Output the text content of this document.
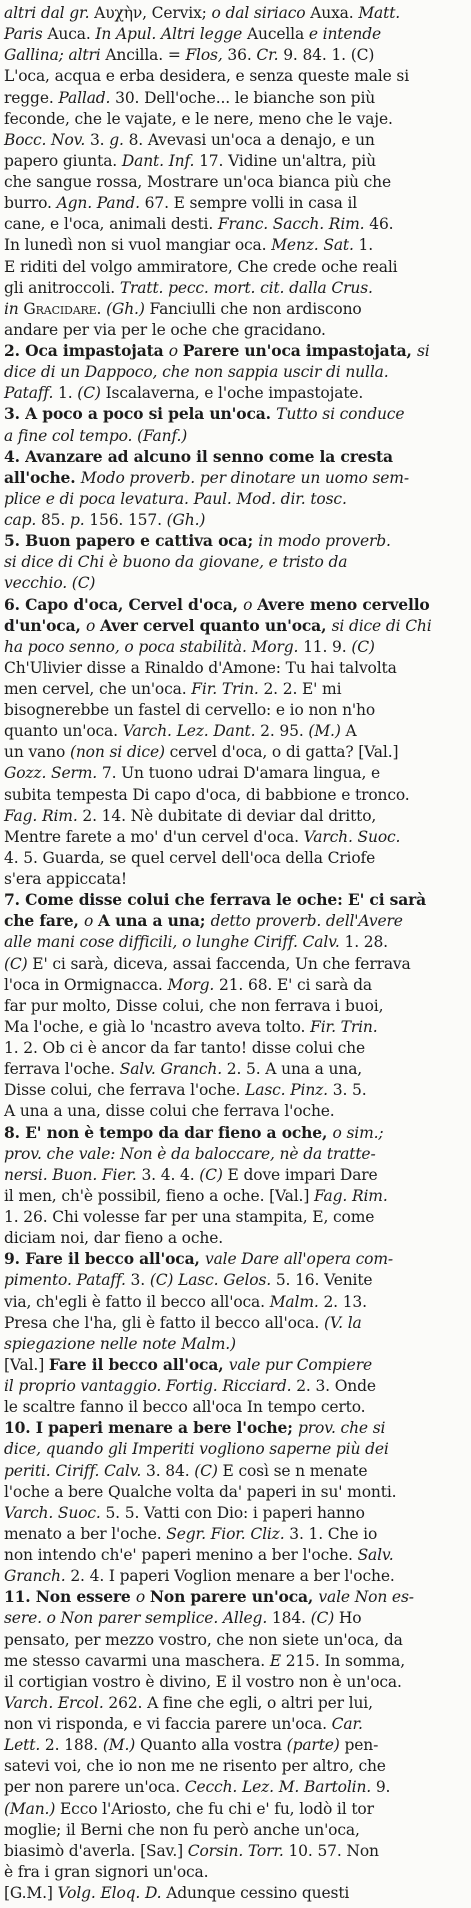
altri dal gr. Αυχὴν, Cervix; o dal siriaco Auxa. Matt.
Paris Auca. In Apul. Altri legge Aucella e intende
Gallina; altri Ancilla. = Flos, 36. Cr. 9. 84. 1. (C)
L'oca, acqua e erba desidera, e senza queste male si
regge. Pallad. 30. Dell'oche... le bianche son più
feconde, che le vajate, e le nere, meno che le vaje.
Bocc. Nov. 3. g. 8. Avevasi un'oca a denajo, e un
papero giunta. Dant. Inf. 17. Vidine un'altra, più
che sangue rossa, Mostrare un'oca bianca più che
burro. Agn. Pand. 67. E sempre volli in casa il
cane, e l'oca, animali desti. Franc. Sacch. Rim. 46.
In lunedì non si vuol mangiar oca. Menz. Sat. 1.
E riditi del volgo ammiratore, Che crede oche reali
gli anitroccoli. Tratt. pecc. mort. cit. dalla Crus.
in Gracidare. (Gh.) Fanciulli che non ardiscono
andare per via per le oche che gracidano.
2. Oca impastojata o Parere un'oca impastojata, si
dice di un Dappoco, che non sappia uscir di nulla.
Pataff. 1. (C) Iscalaverna, e l'oche impastojate.
3. A poco a poco si pela un'oca. Tutto si conduce
a fine col tempo. (Fanf.)
4. Avanzare ad alcuno il senno come la cresta
all'oche. Modo proverb. per dinotare un uomo sem-
plice e di poca levatura. Paul. Mod. dir. tosc.
cap. 85. p. 156. 157. (Gh.)
5. Buon papero e cattiva oca; in modo proverb.
si dice di Chi è buono da giovane, e tristo da
vecchio. (C)
6. Capo d'oca, Cervel d'oca, o Avere meno cervello
d'un'oca, o Aver cervel quanto un'oca, si dice di Chi
ha poco senno, o poca stabilità. Morg. 11. 9. (C)
Ch'Ulivier disse a Rinaldo d'Amone: Tu hai talvolta
men cervel, che un'oca. Fir. Trin. 2. 2. E' mi
bisognerebbe un fastel di cervello: e io non n'ho
quanto un'oca. Varch. Lez. Dant. 2. 95. (M.) A
un vano (non si dice) cervel d'oca, o di gatta? [Val.]
Gozz. Serm. 7. Un tuono udrai D'amara lingua, e
subita tempesta Di capo d'oca, di babbione e tronco.
Fag. Rim. 2. 14. Nè dubitate di deviar dal dritto,
Mentre farete a mo' d'un cervel d'oca. Varch. Suoc.
4. 5. Guarda, se quel cervel dell'oca della Criofe
s'era appiccata!
7. Come disse colui che ferrava le oche: E' ci sarà
che fare, o A una a una; detto proverb. dell'Avere
alle mani cose difficili, o lunghe Ciriff. Calv. 1. 28.
(C) E' ci sarà, diceva, assai faccenda, Un che ferrava
l'oca in Ormignacca. Morg. 21. 68. E' ci sarà da
far pur molto, Disse colui, che non ferrava i buoi,
Ma l'oche, e già lo 'ncastro aveva tolto. Fir. Trin.
1. 2. Ob ci è ancor da far tanto! disse colui che
ferrava l'oche. Salv. Granch. 2. 5. A una a una,
Disse colui, che ferrava l'oche. Lasc. Pinz. 3. 5.
A una a una, disse colui che ferrava l'oche.
8. E' non è tempo da dar fieno a oche, o sim.;
prov. che vale: Non è da baloccare, nè da tratte-
nersi. Buon. Fier. 3. 4. 4. (C) E dove impari Dare
il men, ch'è possibil, fieno a oche. [Val.] Fag. Rim.
1. 26. Chi volesse far per una stampita, E, come
diciam noi, dar fieno a oche.
9. Fare il becco all'oca, vale Dare all'opera com-
pimento. Pataff. 3. (C) Lasc. Gelos. 5. 16. Venite
via, ch'egli è fatto il becco all'oca. Malm. 2. 13.
Presa che l'ha, gli è fatto il becco all'oca. (V. la
spiegazione nelle note Malm.)
[Val.] Fare il becco all'oca, vale pur Compiere
il proprio vantaggio. Fortig. Ricciard. 2. 3. Onde
le scaltre fanno il becco all'oca In tempo certo.
10. I paperi menare a bere l'oche; prov. che si
dice, quando gli Imperiti vogliono saperne più dei
periti. Ciriff. Calv. 3. 84. (C) E così se n menate
l'oche a bere Qualche volta da' paperi in su' monti.
Varch. Suoc. 5. 5. Vatti con Dio: i paperi hanno
menato a ber l'oche. Segr. Fior. Cliz. 3. 1. Che io
non intendo ch'e' paperi menino a ber l'oche. Salv.
Granch. 2. 4. I paperi Voglion menare a ber l'oche.
11. Non essere o Non parere un'oca, vale Non es-
sere. o Non parer semplice. Alleg. 184. (C) Ho
pensato, per mezzo vostro, che non siete un'oca, da
me stesso cavarmi una maschera. E 215. In somma,
il cortigian vostro è divino, E il vostro non è un'oca.
Varch. Ercol. 262. A fine che egli, o altri per lui,
non vi risponda, e vi faccia parere un'oca. Car.
Lett. 2. 188. (M.) Quanto alla vostra (parte) pen-
satevi voi, che io non me ne risento per altro, che
per non parere un'oca. Cecch. Lez. M. Bartolin. 9.
(Man.) Ecco l'Ariosto, che fu chi e' fu, lodò il tor
moglie; il Berni che non fu però anche un'oca,
biasimò d'averla. [Sav.] Corsin. Torr. 10. 57. Non
è fra i gran signori un'oca.
[G.M.] Volg. Eloq. D. Adunque cessino questi
